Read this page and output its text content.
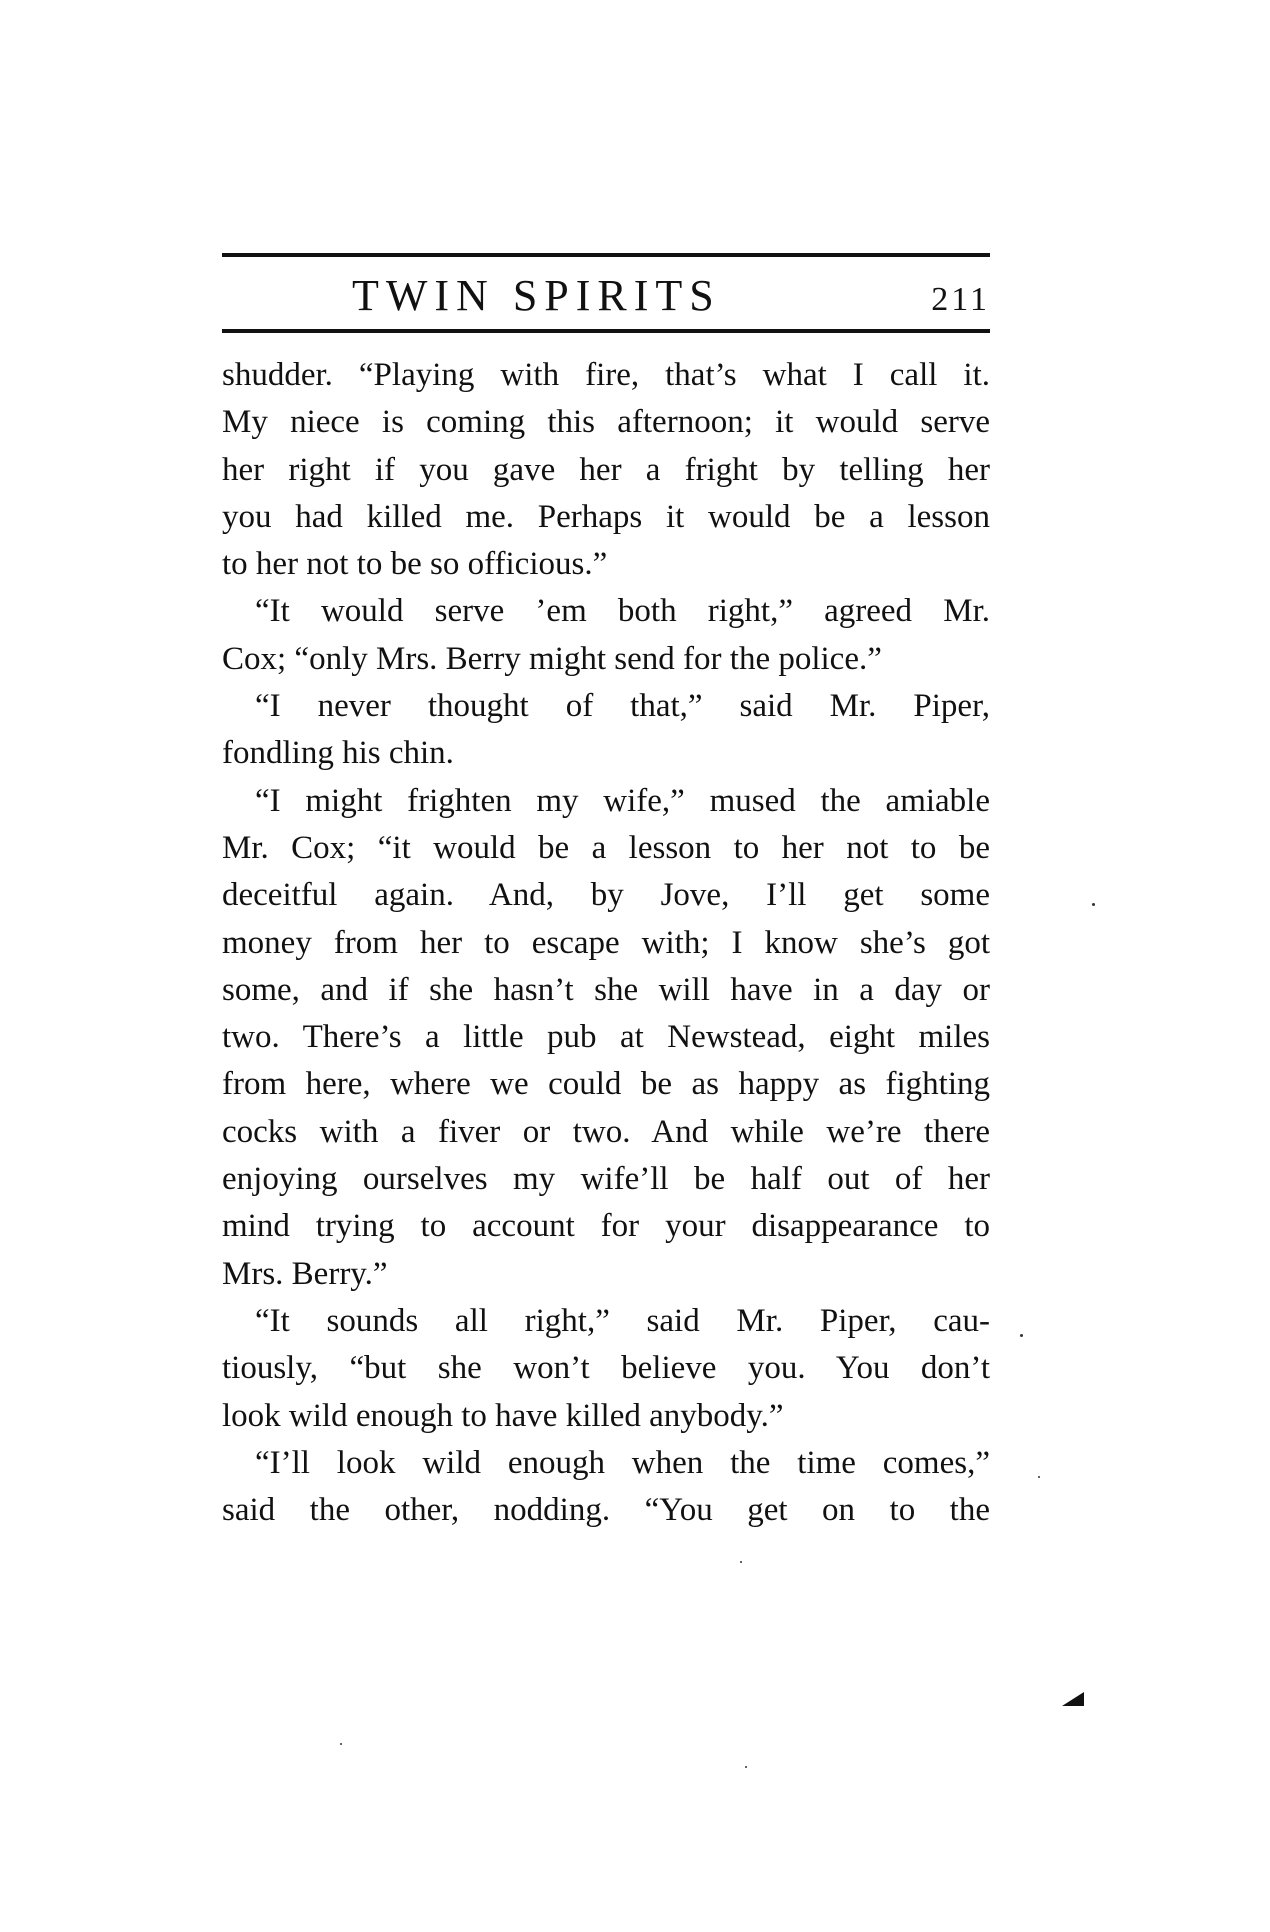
TWIN SPIRITS	211
shudder. “Playing with fire, that’s what I call it.
My niece is coming this afternoon; it would serve
her right if you gave her a fright by telling her
you had killed me. Perhaps it would be a lesson
to her not to be so officious.”
“It would serve ’em both right,” agreed Mr.
Cox; “only Mrs. Berry might send for the police.”
“I never thought of that,” said Mr. Piper,
fondling his chin.
“I might frighten my wife,” mused the amiable
Mr. Cox; “it would be a lesson to her not to be
deceitful again. And, by Jove, I’ll get some
money from her to escape with; I know she’s got
some, and if she hasn’t she will have in a day or
two. There’s a little pub at Newstead, eight miles
from here, where we could be as happy as fighting
cocks with a fiver or two. And while we’re there
enjoying ourselves my wife’ll be half out of her
mind trying to account for your disappearance to
Mrs. Berry.”
“It sounds all right,” said Mr. Piper, cau-
tiously, “but she won’t believe you. You don’t
look wild enough to have killed anybody.”
“I’ll look wild enough when the time comes,”
said the other, nodding. “You get on to the
